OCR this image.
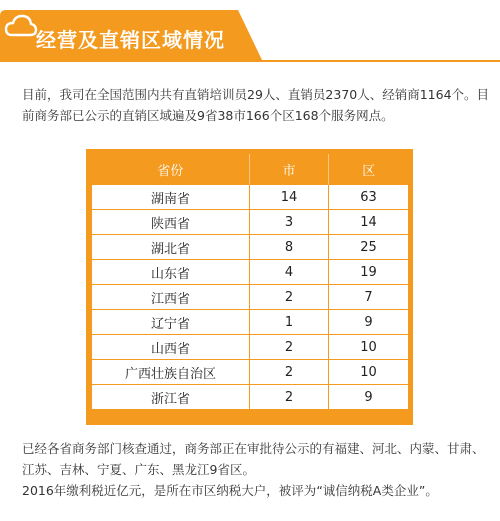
经营及直销区域情况

目前，我司在全国范围内共有直销培训员29人、直销员2370人、经销商1164个。目前商务部已公示的直销区域遍及9省38市166个区168个服务网点。

省份	市	区
湖南省	14	63
陕西省	3	14
湖北省	8	25
山东省	4	19
江西省	2	7
辽宁省	1	9
山西省	2	10
广西壮族自治区	2	10
浙江省	2	9
已经各省商务部门核查通过，商务部正在审批待公示的有福建、河北、内蒙、甘肃、江苏、吉林、宁夏、广东、黑龙江9省区。
2016年缴利税近亿元，是所在市区纳税大户，被评为“诚信纳税A类企业”。
